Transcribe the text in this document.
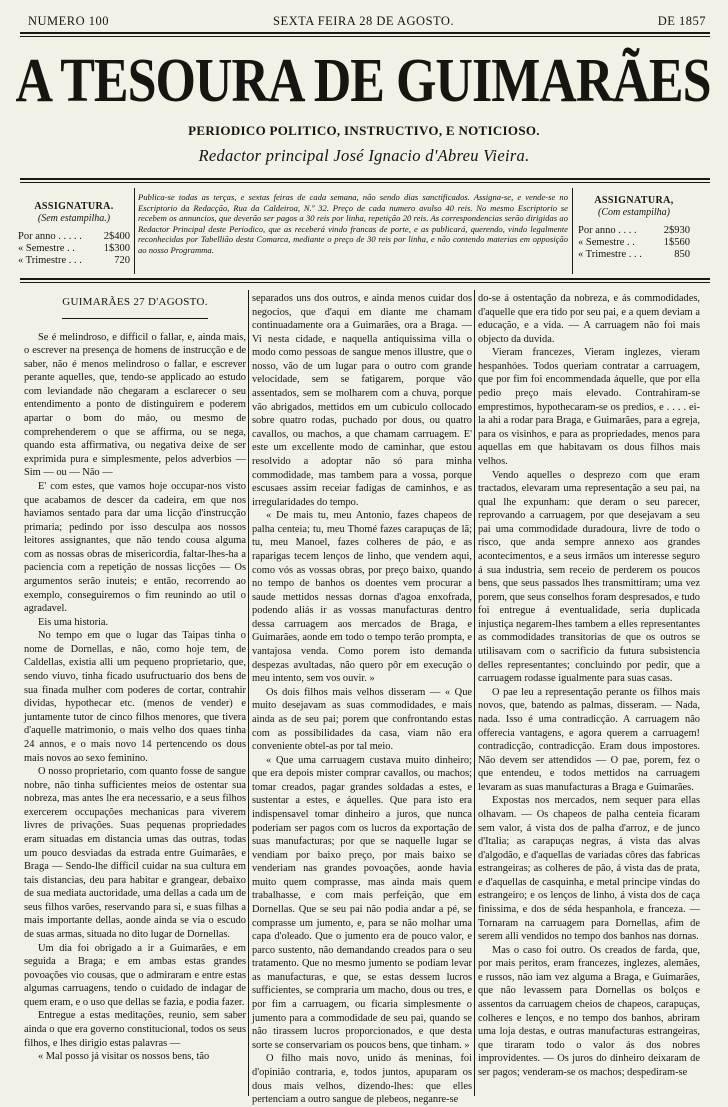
NUMERO 100	SEXTA FEIRA 28 DE AGOSTO.	DE 1857
A TESOURA DE GUIMARÃES
PERIODICO POLITICO, INSTRUCTIVO, E NOTICIOSO.
Redactor principal José Ignacio d'Abreu Vieira.
ASSIGNATURA.
(Sem estampilha.)
Por anno . . . . . 2$400
« Semestre . .	1$300
« Trimestre . . .	720
Publica-se todas as terças, e sextas feiras de cada semana, não sendo dias sanctificados. Assigna-se, e vende-se no Escriptorio da Redacção, Rua da Caldeiroa, N.º 32. Preço de cada numero avulso 40 reis. No mesmo Escriptorio se recebem os annuncios, que deverão ser pagos a 30 reis por linha, repetição 20 reis. As correspondencias serão dirigidas ao Redactor Principal deste Periodico, que as receberá vindo francas de porte, e as publicará, querendo, vindo legalmente reconhecidas por Tabellião desta Comarca, mediante o preço de 30 reis por linha, e não contendo materias em opposição ao nosso Programma.
ASSIGNATURA,
(Com estampilha)
Por anno . . . .	2$930
« Semestre . .	1$560
« Trimestre . . .	850
GUIMARÃES 27 D'AGOSTO.

Se é melindroso, e difficil o fallar, e, ainda mais, o escrever na presença de homens de instrucção e de saber, não é menos melindroso o fallar, e escrever perante aquelles, que, tendo-se applicado ao estudo com leviandade não chegaram a esclarecer o seu entendimento a ponto de distinguirem e poderem apartar o bom do máo, ou mesmo de comprehenderem o que se affirma, ou se nega, quando esta affirmativa, ou negativa deixe de ser exprimida pura e simplesmente, pelos adverbios — Sim — ou — Não —

E' com estes, que vamos hoje occupar-nos visto que acabamos de descer da cadeira, em que nos haviamos sentado para dar uma licção d'instrucção primaria; pedindo por isso desculpa aos nossos leitores assignantes, que não tendo cousa alguma com as nossas obras de misericordia, faltar-lhes-ha a paciencia com a repetição de nossas licções — Os argumentos serão inuteis; e então, recorrendo ao exemplo, conseguiremos o fim reunindo ao util o agradavel.

Eis uma historia.

No tempo em que o lugar das Taipas tinha o nome de Dornellas, e não, como hoje tem, de Caldellas, existia alli um pequeno proprietario, que, sendo viuvo, tinha ficado usufructuario dos bens de sua finada mulher com poderes de cortar, contrahir dividas, hypothecar etc. (menos de vender) e juntamente tutor de cinco filhos menores, que tivera d'aquelle matrimonio, o mais velho dos quaes tinha 24 annos, e o mais novo 14 pertencendo os dous mais novos ao sexo feminino.

O nosso proprietario, com quanto fosse de sangue nobre, não tinha sufficientes meios de ostentar sua nobreza, mas antes lhe era necessario, e a seus filhos exercerem occupações mechanicas para viverem livres de privações. Suas pequenas propriedades eram situadas em distancia umas das outras, todas um pouco desviadas da estrada entre Guimarães, e Braga — Sendo-lhe difficil cuidar na sua cultura em tais distancias, deu para habitar e grangear, debaixo de sua mediata auctoridade, uma dellas a cada um de seus filhos varões, reservando para si, e suas filhas a mais importante dellas, aonde ainda se via o escudo de suas armas, situada no dito lugar de Dornellas.

Um dia foi obrigado a ir a Guimarães, e em seguida a Braga; e em ambas estas grandes povoações vio cousas, que o admiraram e entre estas algumas carruagens, tendo o cuidado de indagar de quem eram, e o uso que dellas se fazia, e podia fazer.

Entregue a estas meditações, reunio, sem saber ainda o que era governo constitucional, todos os seus filhos, e lhes dirigio estas palavras —

« Mal posso já visitar os nossos bens, tão

separados uns dos outros, e ainda menos cuidar dos negocios, que d'aqui em diante me chamam continuadamente ora a Guimarães, ora a Braga. — Vi nesta cidade, e naquella antiquissima villa o modo como pessoas de sangue menos illustre, que o nosso, vão de um lugar para o outro com grande velocidade, sem se fatigarem, porque vão assentados, sem se molharem com a chuva, porque vão abrigados, mettidos em um cubiculo collocado sobre quatro rodas, puchado por dous, ou quatro cavallos, ou machos, a que chamam carruagem. E' este um excellente modo de caminhar, que estou resolvido a adoptar não só para minha commodidade, mas tambem para a vossa, porque escusaes assim receiar fadigas de caminhos, e as irregularidades do tempo.

« De mais tu, meu Antonio, fazes chapeos de palha centeia; tu, meu Thomé fazes carapuças de lã; tu, meu Manoel, fazes colheres de páo, e as raparigas tecem lenços de linho, que vendem aqui, como vós as vossas obras, por preço baixo, quando no tempo de banhos os doentes vem procurar a saude mettidos nessas dornas d'agoa enxofrada, podendo aliás ir as vossas manufacturas dentro dessa carruagem aos mercados de Braga, e Guimarães, aonde em todo o tempo terão prompta, e vantajosa venda. Como porem isto demanda despezas avultadas, não quero pôr em execução o meu intento, sem vos ouvir. »

Os dois filhos mais velhos disseram — « Que muito desejavam as suas commodidades, e mais ainda as de seu pai; porem que confrontando estas com as possibilidades da casa, viam não era conveniente obtel-as por tal meio.

« Que uma carruagem custava muito dinheiro; que era depois mister comprar cavallos, ou machos; tomar creados, pagar grandes soldadas a estes, e sustentar a estes, e áquelles. Que para isto era indispensavel tomar dinheiro a juros, que nunca poderiam ser pagos com os lucros da exportação de suas manufacturas; por que se naquelle lugar se vendiam por baixo preço, por mais baixo se venderiam nas grandes povoações, aonde havia muito quem comprasse, mas ainda mais quem trabalhasse, e com mais perfeição, que em Dornellas. Que se seu pai não podia andar a pé, se comprasse um jumento, e, para se não molhar uma capa d'oleado. Que o jumento era de pouco valor, e parco sustento, não demandando creados para o seu tratamento. Que no mesmo jumento se podiam levar as manufacturas, e que, se estas dessem lucros sufficientes, se compraria um macho, dous ou tres, e por fim a carruagem, ou ficaria simplesmente o jumento para a commodidade de seu pai, quando se não tirassem lucros proporcionados, e que desta sorte se conservariam os poucos bens, que tinham. »

O filho mais novo, unido ás meninas, foi d'opinião contraria, e, todos juntos, apuparam os dous mais velhos, dizendo-lhes: que elles pertenciam a outro sangue de plebeos, neganre-se

do-se á ostentação da nobreza, e ás commodidades, d'aquelle que era tido por seu pai, e a quem deviam a educação, e a vida. — A carruagem não foi mais objecto da duvida.

Vieram francezes, Vieram inglezes, vieram hespanhóes. Todos queriam contratar a carruagem, que por fim foi encommendada áquelle, que por ella pedio preço mais elevado. Contrahiram-se emprestimos, hypothecaram-se os predios, e . . . . ei-la ahi a rodar para Braga, e Guimarães, para a egreja, para os visinhos, e para as propriedades, menos para aquellas em que habitavam os dous filhos mais velhos.

Vendo aquelles o desprezo com que eram tractados, elevaram uma representação a seu pai, na qual lhe expunham: que deram o seu parecer, reprovando a carruagem, por que desejavam a seu pai uma commodidade duradoura, livre de todo o risco, que anda sempre annexo aos grandes acontecimentos, e a seus irmãos um interesse seguro á sua industria, sem receio de perderem os poucos bens, que seus passados lhes transmittiram; uma vez porem, que seus conselhos foram despresados, e tudo foi entregue á eventualidade, seria duplicada injustiça negarem-lhes tambem a elles representantes as commodidades transitorias de que os outros se utilisavam com o sacrificio da futura subsistencia delles representantes; concluindo por pedir, que a carruagem rodasse igualmente para suas casas.

O pae leu a representação perante os filhos mais novos, que, batendo as palmas, disseram. — Nada, nada. Isso é uma contradicção. A carruagem não offerecia vantagens, e agora querem a carruagem! contradicção, contradicção. Eram dous impostores. Não devem ser attendidos — O pae, porem, fez o que entendeu, e todos mettidos na carruagem levaram as suas manufacturas a Braga e Guimarães.

Expostas nos mercados, nem sequer para ellas olhavam. — Os chapeos de palha centeia ficaram sem valor, á vista dos de palha d'arroz, e de junco d'Italia; as carapuças negras, á vista das alvas d'algodão, e d'aquellas de variadas côres das fabricas estrangeiras; as colheres de pão, á vista das de prata, e d'aquellas de casquinha, e metal principe vindas do estrangeiro; e os lenços de linho, á vista dos de caça finissima, e dos de séda hespanhola, e franceza. — Tornaram na carruagem para Dornellas, afim de serem alli vendidos no tempo dos banhos nas dornas.

Mas o caso foi outro. Os creados de farda, que, por mais peritos, eram francezes, inglezes, alemães, e russos, não iam vez alguma a Braga, e Guimarães, que não levassem para Dornellas os bolços e assentos da carruagem cheios de chapeos, carapuças, colheres e lenços, e no tempo dos banhos, abriram uma loja destas, e outras manufacturas estrangeiras, que tiraram todo o valor ás dos nobres improvidentes. — Os juros do dinheiro deixaram de ser pagos; venderam-se os machos; despediram-se
